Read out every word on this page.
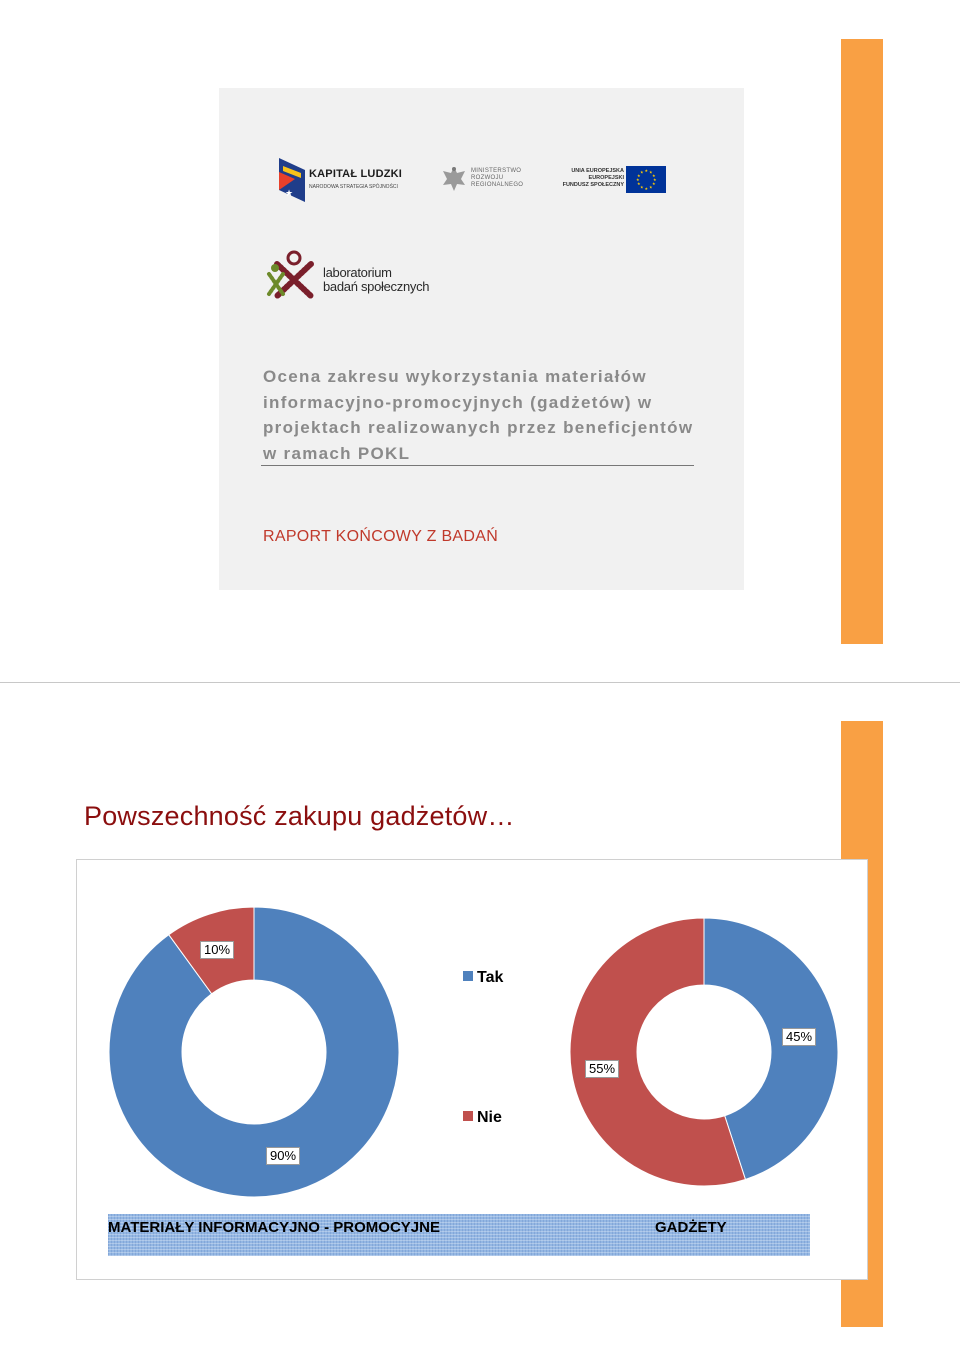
★
KAPITAŁ LUDZKI
NARODOWA STRATEGIA SPÓJNOŚCI
MINISTERSTWO
ROZWOJU
REGIONALNEGO
UNIA EUROPEJSKA
EUROPEJSKI
FUNDUSZ SPOŁECZNY
★ ★
★
★
★
★
★
★
★
★
★
★
laboratorium
badań społecznych
Ocena zakresu wykorzystania materiałów informacyjno-promocyjnych (gadżetów) w projektach realizowanych przez beneficjentów w ramach POKL
RAPORT KOŃCOWY Z BADAŃ
Powszechność zakupu gadżetów…
10%
90%
45%
55%
Tak
Nie
MATERIAŁY INFORMACYJNO - PROMOCYJNE	GADŻETY
